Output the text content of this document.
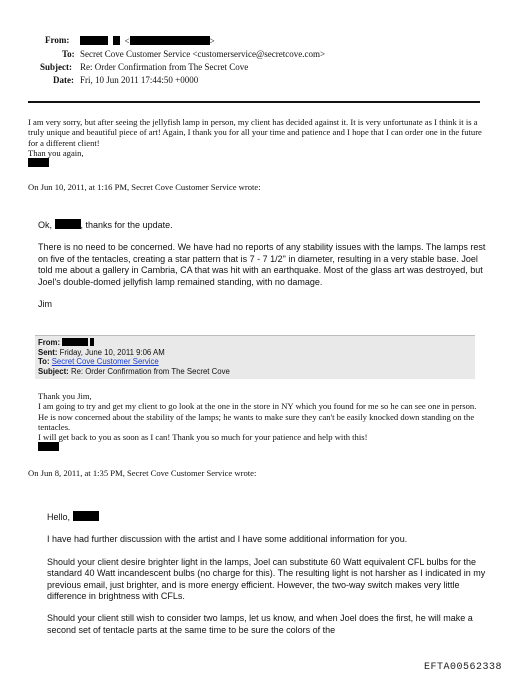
From:	<	>
To: Secret Cove Customer Service <customerservice@secretcove.com>
Subject: Re: Order Confirmation from The Secret Cove
Date: Fri, 10 Jun 2011 17:44:50 +0000

I am very sorry, but after seeing the jellyfish lamp in person, my client has decided against it. It is very unfortunate as I think it is a truly unique and beautiful piece of art! Again, I thank you for all your time and patience and I hope that I can order one in the future for a different client!

Than you again,

On Jun 10, 2011, at 1:16 PM, Secret Cove Customer Service wrote:

Ok,	, thanks for the update.

There is no need to be concerned. We have had no reports of any stability issues with the lamps. The lamps rest on five of the tentacles, creating a star pattern that is 7 - 7 1/2" in diameter, resulting in a very stable base. Joel told me about a gallery in Cambria, CA that was hit with an earthquake. Most of the glass art was destroyed, but Joel's double-domed jellyfish lamp remained standing, with no damage.

Jim

From:
Sent: Friday, June 10, 2011 9:06 AM
To: Secret Cove Customer Service
Subject: Re: Order Confirmation from The Secret Cove

Thank you Jim,

I am going to try and get my client to go look at the one in the store in NY which you found for me so he can see one in person. He is now concerned about the stability of the lamps; he wants to make sure they can't be easily knocked down standing on the tentacles.

I will get back to you as soon as I can! Thank you so much for your patience and help with this!

On Jun 8, 2011, at 1:35 PM, Secret Cove Customer Service wrote:

Hello,

I have had further discussion with the artist and I have some additional information for you.

Should your client desire brighter light in the lamps, Joel can substitute 60 Watt equivalent CFL bulbs for the standard 40 Watt incandescent bulbs (no charge for this). The resulting light is not harsher as I indicated in my previous email, just brighter, and is more energy efficient. However, the two-way switch makes very little difference in brightness with CFLs.

Should your client still wish to consider two lamps, let us know, and when Joel does the first, he will make a second set of tentacle parts at the same time to be sure the colors of the

EFTA00562338
